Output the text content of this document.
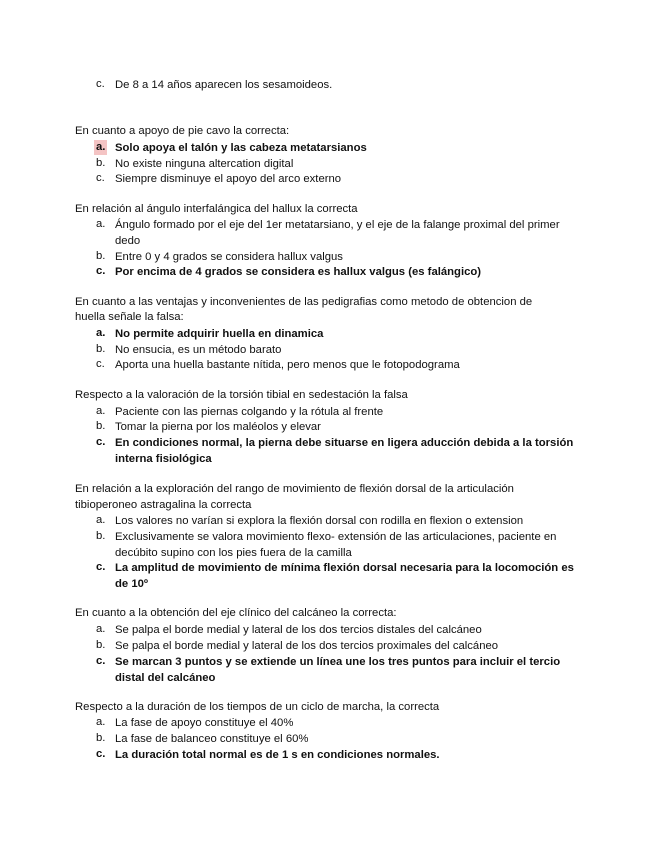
c. De 8 a 14 años aparecen los sesamoideos.
En cuanto a apoyo de pie cavo la correcta:
a. Solo apoya el talón y las cabeza metatarsianos
b. No existe ninguna altercation digital
c. Siempre disminuye el apoyo del arco externo
En relación al ángulo interfalángica del hallux la correcta
a. Ángulo formado por el eje del 1er metatarsiano, y el eje de la falange proximal del primer dedo
b. Entre 0 y 4 grados se considera hallux valgus
c. Por encima de 4 grados se considera es hallux valgus (es falángico)
En cuanto a las ventajas y inconvenientes de las pedigrafias como metodo de obtencion de
huella señale la falsa:
a. No permite adquirir huella en dinamica
b. No ensucia, es un método barato
c. Aporta una huella bastante nítida, pero menos que le fotopodograma
Respecto a la valoración de la torsión tibial en sedestación la falsa
a. Paciente con las piernas colgando y la rótula al frente
b. Tomar la pierna por los maléolos y elevar
c. En condiciones normal, la pierna debe situarse en ligera aducción debida a la torsión interna fisiológica
En relación a la exploración del rango de movimiento de flexión dorsal de la articulación
tibioperoneo astragalina la correcta
a. Los valores no varían si explora la flexión dorsal con rodilla en flexion o extension
b. Exclusivamente se valora movimiento flexo- extensión de las articulaciones, paciente en decúbito supino con los pies fuera de la camilla
c. La amplitud de movimiento de mínima flexión dorsal necesaria para la locomoción es de 10º
En cuanto a la obtención del eje clínico del calcáneo la correcta:
a. Se palpa el borde medial y lateral de los dos tercios distales del calcáneo
b. Se palpa el borde medial y lateral de los dos tercios proximales del calcáneo
c. Se marcan 3 puntos y se extiende un línea une los tres puntos para incluir el tercio distal del calcáneo
Respecto a la duración de los tiempos de un ciclo de marcha, la correcta
a. La fase de apoyo constituye el 40%
b. La fase de balanceo constituye el 60%
c. La duración total normal es de 1 s en condiciones normales.
